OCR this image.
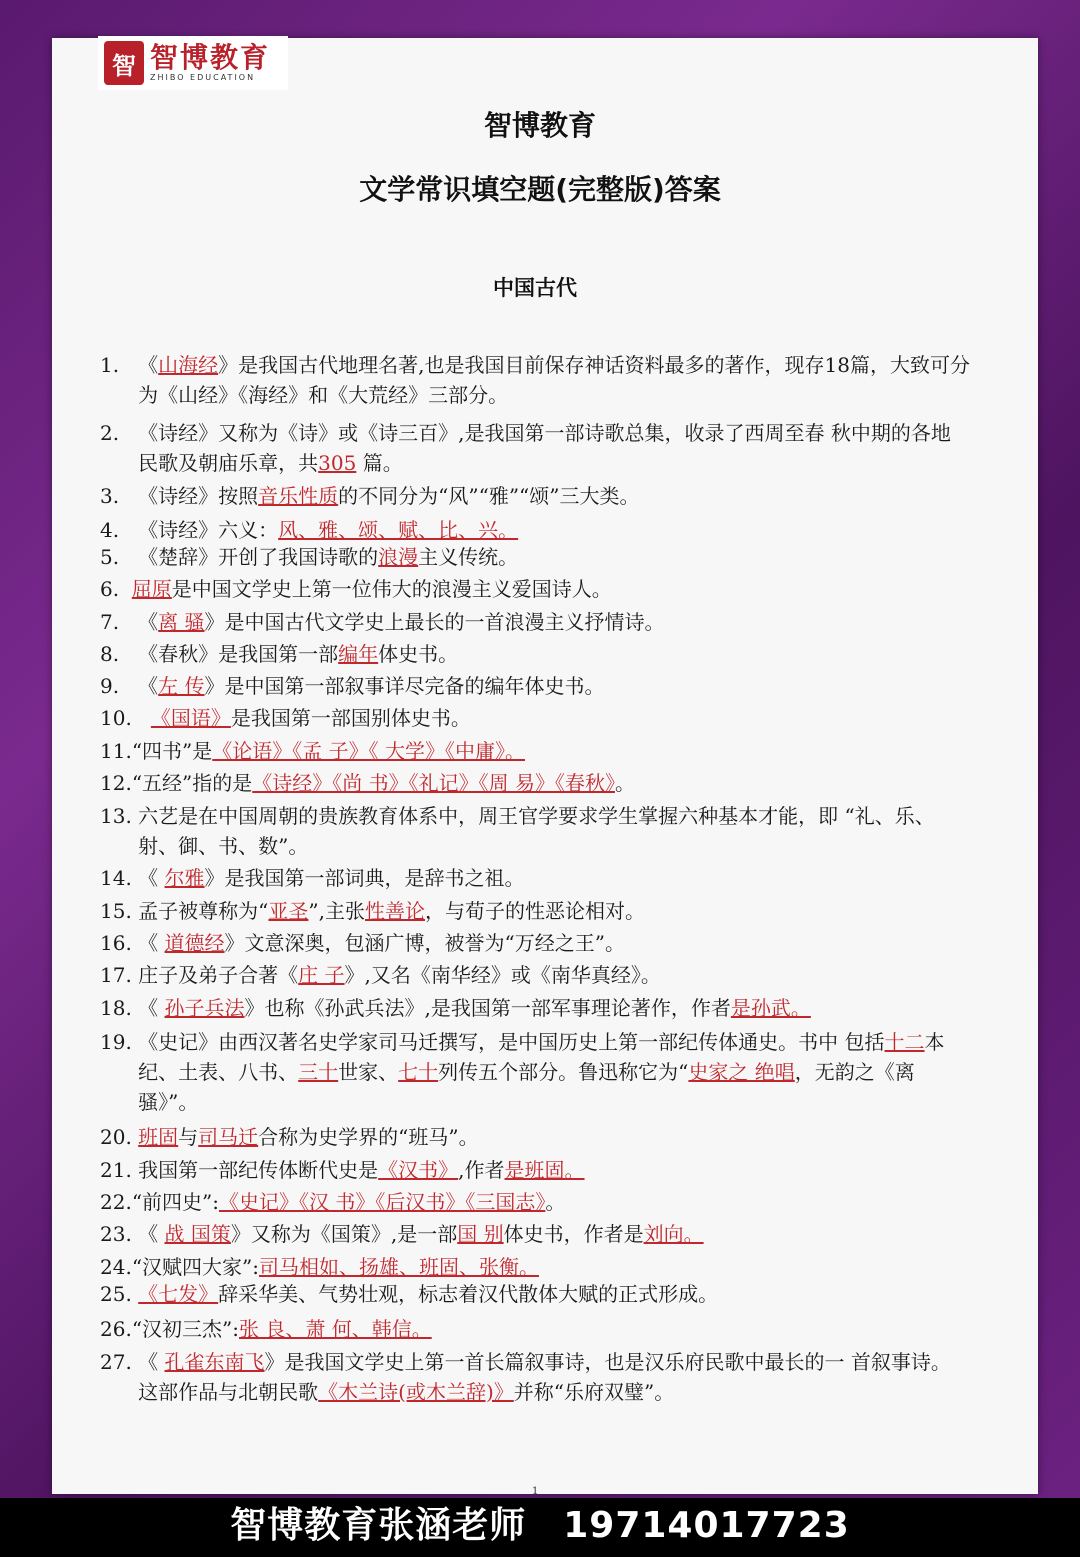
智 智博教育
ZHIBO EDUCATION
智博教育
文学常识填空题(完整版)答案
中国古代
1. 《山海经》是我国古代地理名著,也是我国目前保存神话资料最多的著作，现存18篇，大致可分为《山经》《海经》和《大荒经》三部分。
2. 《诗经》又称为《诗》或《诗三百》,是我国第一部诗歌总集，收录了西周至春 秋中期的各地民歌及朝庙乐章，共305 篇。
3. 《诗经》按照音乐性质的不同分为“风”“雅”“颂”三大类。
4. 《诗经》六义：风、雅、颂、赋、比、兴。
5. 《楚辞》开创了我国诗歌的浪漫主义传统。
6. 屈原是中国文学史上第一位伟大的浪漫主义爱国诗人。
7. 《离 骚》是中国古代文学史上最长的一首浪漫主义抒情诗。
8. 《春秋》是我国第一部编年体史书。
9. 《左 传》是中国第一部叙事详尽完备的编年体史书。
10. 《国语》是我国第一部国别体史书。
11. “四书”是《论语》《孟 子》《 大学》《中庸》。
12. “五经”指的是《诗经》《尚 书》《礼记》《周 易》《春秋》。
13. 六艺是在中国周朝的贵族教育体系中，周王官学要求学生掌握六种基本才能，即 “礼、乐、射、御、书、数”。
14. 《 尔雅》是我国第一部词典，是辞书之祖。
15. 孟子被尊称为“亚圣”,主张性善论，与荀子的性恶论相对。
16. 《 道德经》文意深奥，包涵广博，被誉为“万经之王”。
17. 庄子及弟子合著《庄 子》,又名《南华经》或《南华真经》。
18. 《 孙子兵法》也称《孙武兵法》,是我国第一部军事理论著作，作者是孙武。
19. 《史记》由西汉著名史学家司马迁撰写，是中国历史上第一部纪传体通史。书中 包括十二本纪、土表、八书、三十世家、七十列传五个部分。鲁迅称它为“史家之 绝唱，无韵之《离骚》”。
20. 班固与司马迁合称为史学界的“班马”。
21. 我国第一部纪传体断代史是《汉书》,作者是班固。
22. “前四史”:《史记》《汉 书》《后汉书》《三国志》。
23. 《 战 国策》又称为《国策》,是一部国 别体史书，作者是刘向。
24. “汉赋四大家”:司马相如、扬雄、班固、张衡。
25. 《七发》辞采华美、气势壮观，标志着汉代散体大赋的正式形成。
26. “汉初三杰”:张 良、萧 何、韩信。
27. 《 孔雀东南飞》是我国文学史上第一首长篇叙事诗，也是汉乐府民歌中最长的一 首叙事诗。这部作品与北朝民歌《木兰诗(或木兰辞)》并称“乐府双璧”。
1
智博教育张涵老师　19714017723
